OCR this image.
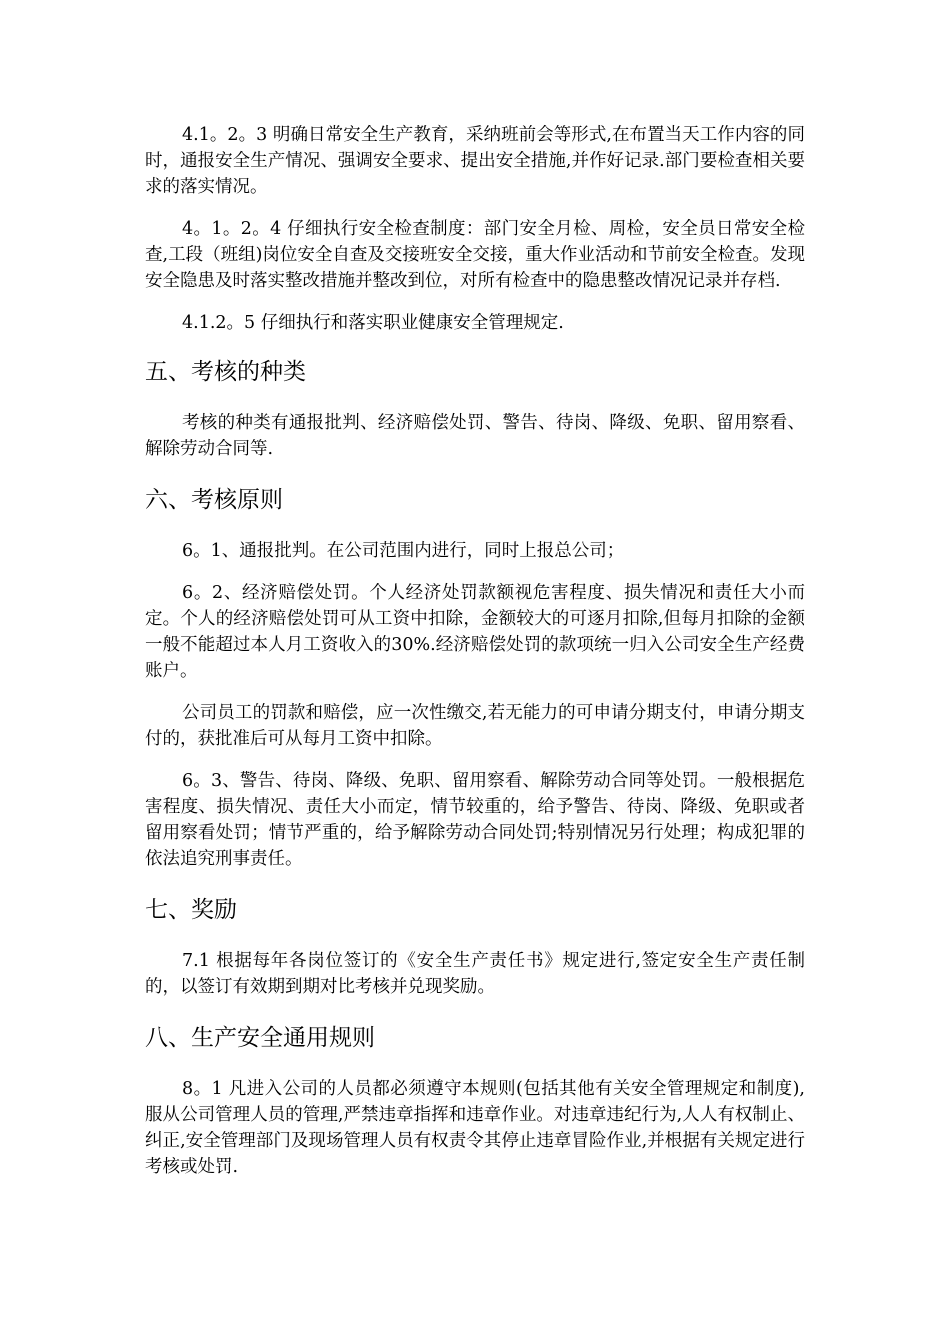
4.1。2。3 明确日常安全生产教育，采纳班前会等形式,在布置当天工作内容的同时，通报安全生产情况、强调安全要求、提出安全措施,并作好记录.部门要检查相关要求的落实情况。

4。1。2。4 仔细执行安全检查制度：部门安全月检、周检，安全员日常安全检查,工段（班组)岗位安全自查及交接班安全交接，重大作业活动和节前安全检查。发现安全隐患及时落实整改措施并整改到位，对所有检查中的隐患整改情况记录并存档.

4.1.2。5 仔细执行和落实职业健康安全管理规定.

五、考核的种类

考核的种类有通报批判、经济赔偿处罚、警告、待岗、降级、免职、留用察看、解除劳动合同等.

六、考核原则

6。1、通报批判。在公司范围内进行，同时上报总公司；

6。2、经济赔偿处罚。个人经济处罚款额视危害程度、损失情况和责任大小而定。个人的经济赔偿处罚可从工资中扣除，金额较大的可逐月扣除,但每月扣除的金额一般不能超过本人月工资收入的30%.经济赔偿处罚的款项统一归入公司安全生产经费账户。

公司员工的罚款和赔偿，应一次性缴交,若无能力的可申请分期支付，申请分期支付的，获批准后可从每月工资中扣除。

6。3、警告、待岗、降级、免职、留用察看、解除劳动合同等处罚。一般根据危害程度、损失情况、责任大小而定，情节较重的，给予警告、待岗、降级、免职或者留用察看处罚；情节严重的，给予解除劳动合同处罚;特别情况另行处理；构成犯罪的依法追究刑事责任。

七、奖励

7.1 根据每年各岗位签订的《安全生产责任书》规定进行,签定安全生产责任制的，以签订有效期到期对比考核并兑现奖励。

八、生产安全通用规则

8。1 凡进入公司的人员都必须遵守本规则(包括其他有关安全管理规定和制度),服从公司管理人员的管理,严禁违章指挥和违章作业。对违章违纪行为,人人有权制止、纠正,安全管理部门及现场管理人员有权责令其停止违章冒险作业,并根据有关规定进行考核或处罚.
